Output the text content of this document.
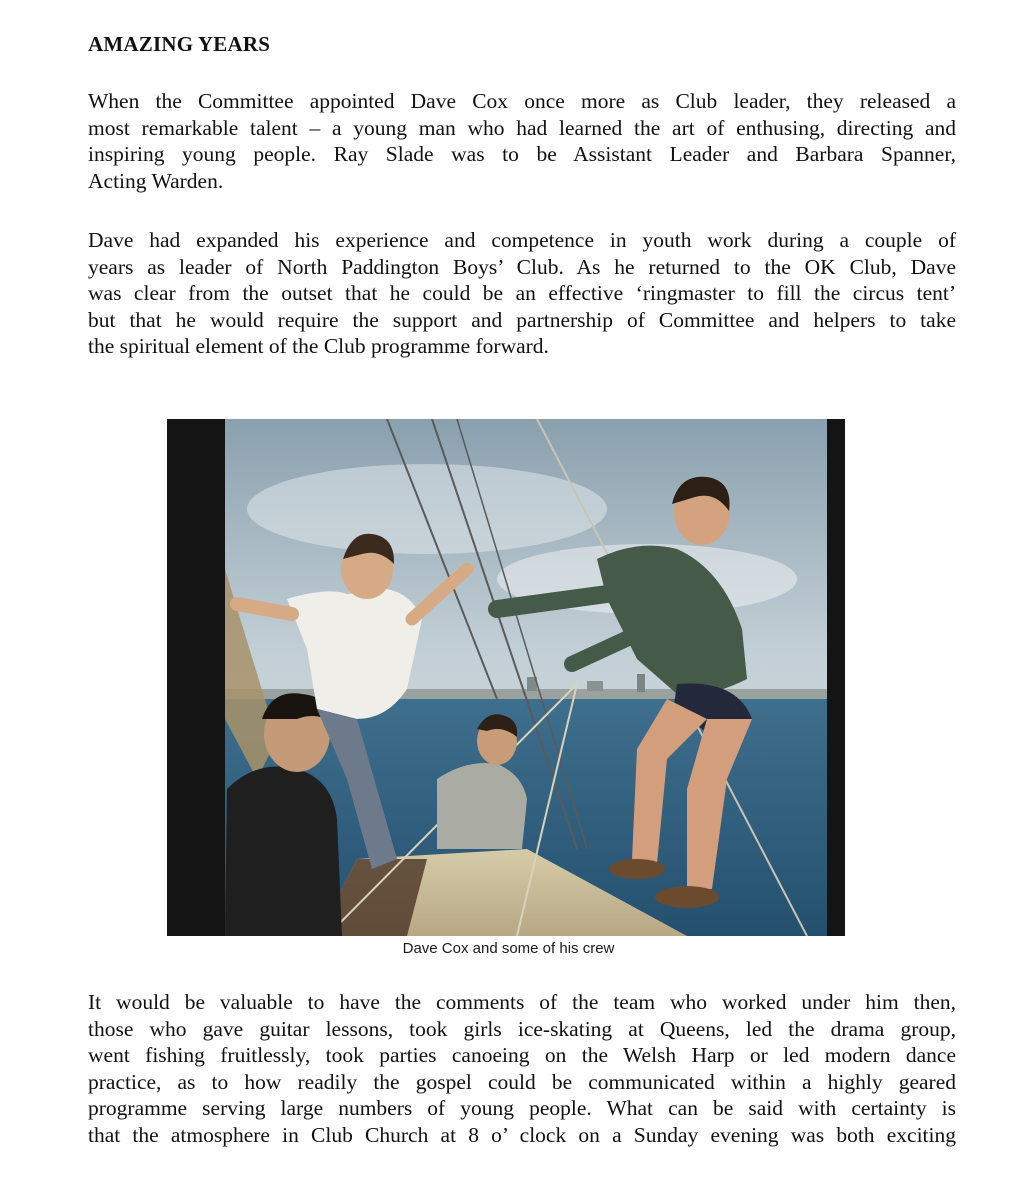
AMAZING YEARS
When the Committee appointed Dave Cox once more as Club leader, they released a
most remarkable talent – a young man who had learned the art of enthusing, directing and
inspiring young people. Ray Slade was to be Assistant Leader and Barbara Spanner,
Acting Warden.
Dave had expanded his experience and competence in youth work during a couple of
years as leader of North Paddington Boys’ Club. As he returned to the OK Club, Dave
was clear from the outset that he could be an effective ‘ringmaster to fill the circus tent’
but that he would require the support and partnership of Committee and helpers to take
the spiritual element of the Club programme forward.
Dave Cox and some of his crew
It would be valuable to have the comments of the team who worked under him then,
those who gave guitar lessons, took girls ice-skating at Queens, led the drama group,
went fishing fruitlessly, took parties canoeing on the Welsh Harp or led modern dance
practice, as to how readily the gospel could be communicated within a highly geared
programme serving large numbers of young people. What can be said with certainty is
that the atmosphere in Club Church at 8 o’ clock on a Sunday evening was both exciting
